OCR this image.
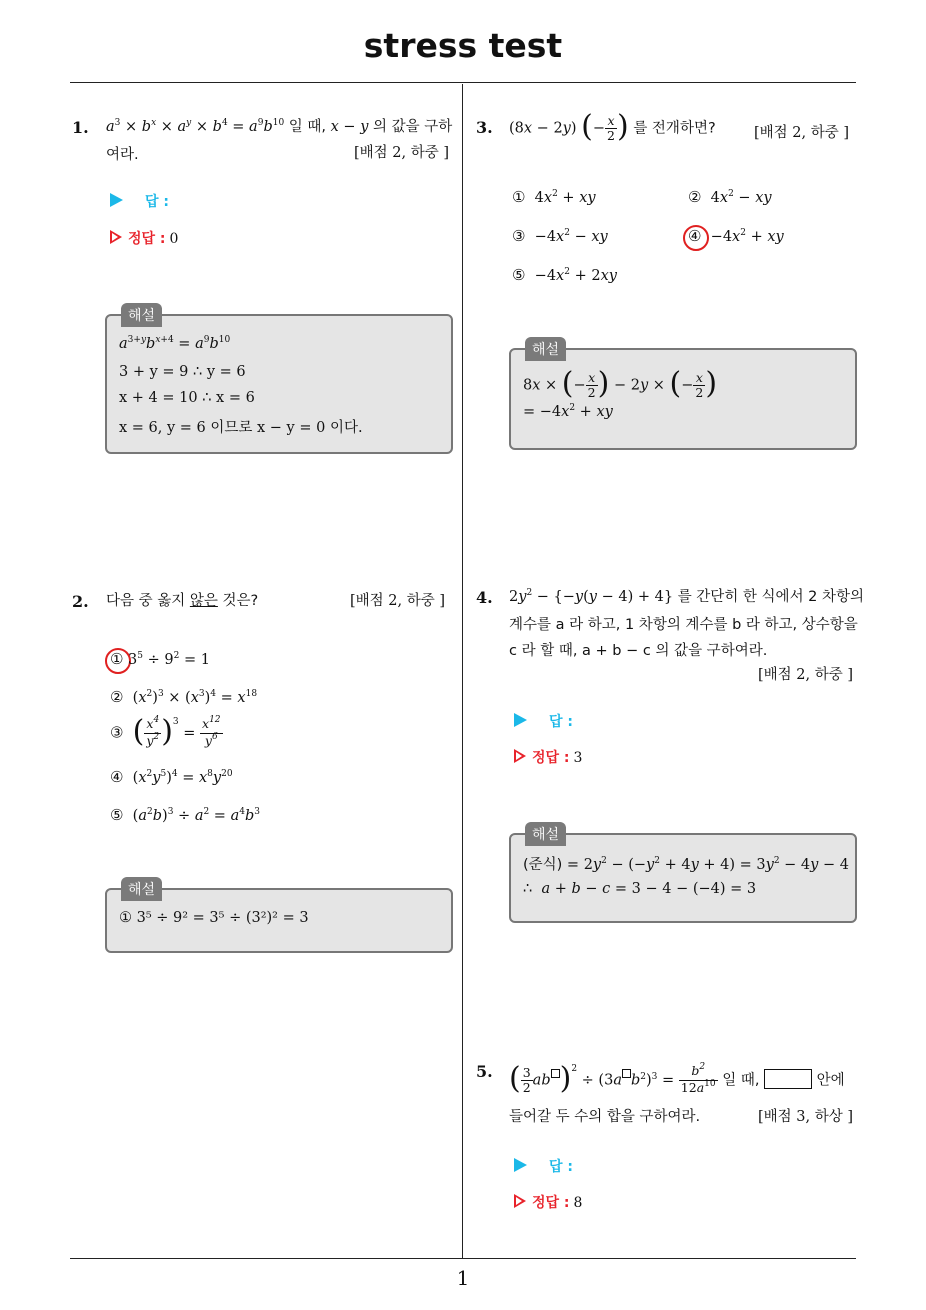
stress test
1
1. $a^3 \times b^x \times a^y \times b^4 = a^9b^{10}$ 일 때, x − y 의 값을 구하
여라.	[배점 2, 하중 ]
답 :
정답 : 0
해설
$a^{3+y}b^{x+4} = a^9b^{10}$
3 + y = 9 ∴ y = 6
x + 4 = 10 ∴ x = 6
x = 6, y = 6 이므로 x − y = 0 이다.
2. 다음 중 옳지 않은 것은?	[배점 2, 하중 ]
① $3^5 \div 9^2 = 1$
②  $(x^2)^3 \times (x^3)^4 = x^{18}$
③ ( $\frac{x^4}{y^2} )^3 = \frac{x^{12}}{y^6}$
④  $(x^2y^5)^4 = x^8y^{20}$
⑤  $(a^2b)^3 \div a^2 = a^4b^3$
해설
① 3⁵ ÷ 9² = 3⁵ ÷ (3²)² = 3
3. (8x − 2y) (− $\frac{x}{2}$ ) 를 전개하면?	[배점 2, 하중 ]
①  $4x^2$ + xy	②  $4x^2$ − xy
③  $-4x^2$ − xy	④  $-4x^2$ + xy
⑤  $-4x^2 + 2xy$
해설
8x × (− $\frac{x}{2}$ ) − 2y × (− $\frac{x}{2}$ )
= $-4x^2$ + xy
4. $2y^2 - \{-y(y - 4) + 4\}$ 를 간단히 한 식에서 2 차항의
계수를 a 라 하고, 1 차항의 계수를 b 라 하고, 상수항을
c 라 할 때, a + b − c 의 값을 구하여라.
[배점 2, 하중 ]
답 :
정답 : 3
해설
(준식) = $2y^2 - (-y^2 + 4y + 4) = 3y^2 - 4y - 4$
∴  a + b − c = 3 − 4 − (−4) = 3
5. ( $\frac{3}{2}$ ab )$^2$ ÷ (3a $b^2)^3 = \frac{b^2}{12a^{10}}$ 일 때,	안에
들어갈 두 수의 합을 구하여라.	[배점 3, 하상 ]
답 :
정답 : 8
